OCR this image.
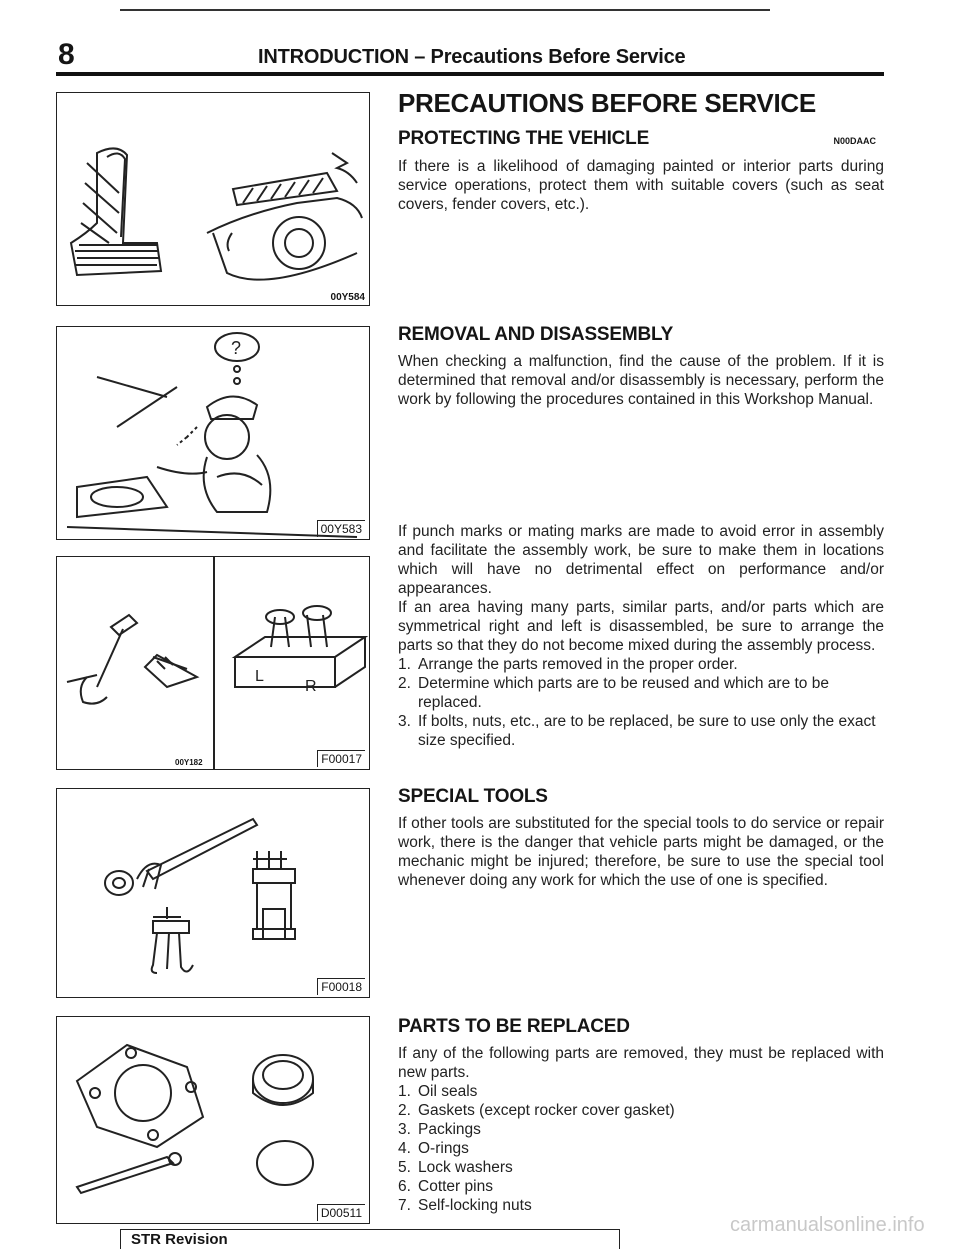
8	INTRODUCTION – Precautions Before Service
00Y584
?
00Y583
L
R
00Y182	F00017
F00018
D00511
PRECAUTIONS BEFORE SERVICE
PROTECTING THE VEHICLE	N00DAAC
If there is a likelihood of damaging painted or interior parts during service operations, protect them with suitable covers (such as seat covers, fender covers, etc.).
REMOVAL AND DISASSEMBLY
When checking a malfunction, find the cause of the problem. If it is determined that removal and/or disassembly is necessary, perform the work by following the procedures contained in this Workshop Manual.
If punch marks or mating marks are made to avoid error in assembly and facilitate the assembly work, be sure to make them in locations which will have no detrimental effect on performance and/or appearances.
If an area having many parts, similar parts, and/or parts which are symmetrical right and left is disassembled, be sure to arrange the parts so that they do not become mixed during the assembly process.
1. Arrange the parts removed in the proper order.
2. Determine which parts are to be reused and which are to be replaced.
3. If bolts, nuts, etc., are to be replaced, be sure to use only the exact size specified.
SPECIAL TOOLS
If other tools are substituted for the special tools to do service or repair work, there is the danger that vehicle parts might be damaged, or the mechanic might be injured; therefore, be sure to use the special tool whenever doing any work for which the use of one is specified.
PARTS TO BE REPLACED
If any of the following parts are removed, they must be replaced with new parts.
1. Oil seals
2. Gaskets (except rocker cover gasket)
3. Packings
4. O-rings
5. Lock washers
6. Cotter pins
7. Self-locking nuts
STR Revision
carmanualsonline.info
